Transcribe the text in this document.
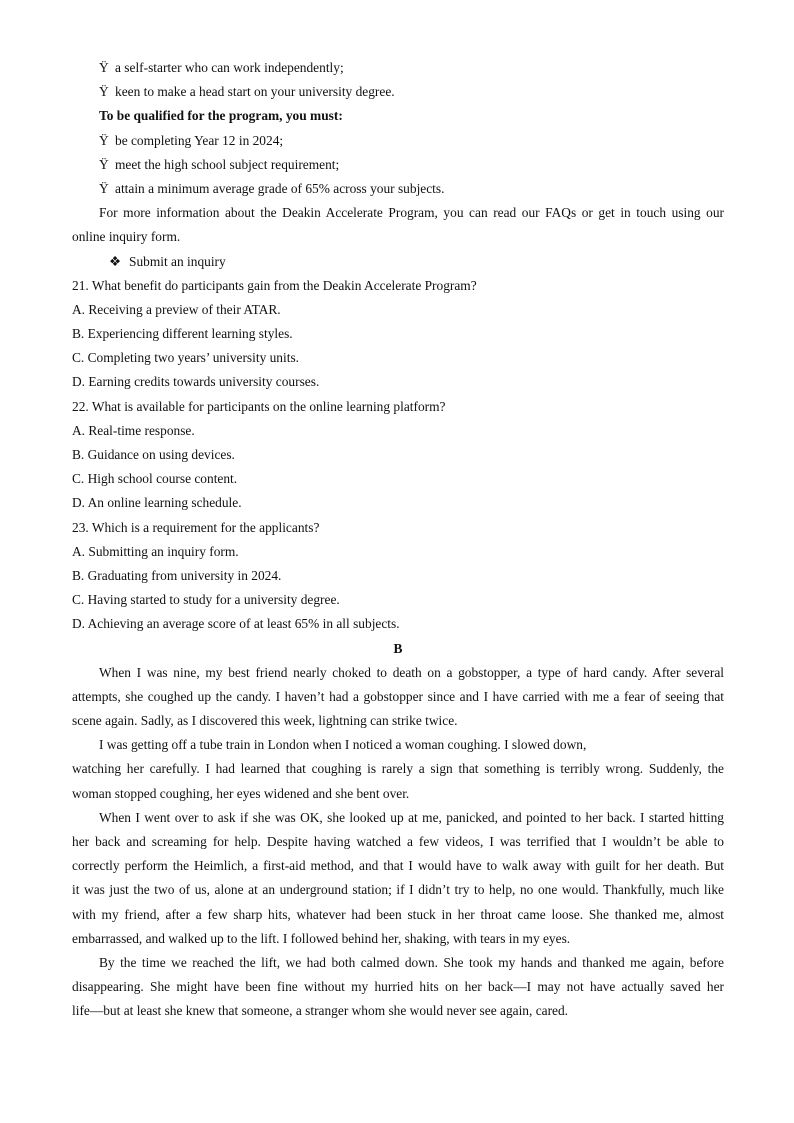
Ÿ a self-starter who can work independently;
Ÿ keen to make a head start on your university degree.
To be qualified for the program, you must:
Ÿ be completing Year 12 in 2024;
Ÿ meet the high school subject requirement;
Ÿ attain a minimum average grade of 65% across your subjects.
For more information about the Deakin Accelerate Program, you can read our FAQs or get in touch using our
online inquiry form.
❖ Submit an inquiry
21. What benefit do participants gain from the Deakin Accelerate Program?
A. Receiving a preview of their ATAR.
B. Experiencing different learning styles.
C. Completing two years’ university units.
D. Earning credits towards university courses.
22. What is available for participants on the online learning platform?
A. Real-time response.
B. Guidance on using devices.
C. High school course content.
D. An online learning schedule.
23. Which is a requirement for the applicants?
A. Submitting an inquiry form.
B. Graduating from university in 2024.
C. Having started to study for a university degree.
D. Achieving an average score of at least 65% in all subjects.
B
When I was nine, my best friend nearly choked to death on a gobstopper, a type of hard candy. After several
attempts, she coughed up the candy. I haven’t had a gobstopper since and I have carried with me a fear of seeing that
scene again. Sadly, as I discovered this week, lightning can strike twice.
I was getting off a tube train in London when I noticed a woman coughing. I slowed down,
watching her carefully. I had learned that coughing is rarely a sign that something is terribly wrong. Suddenly, the
woman stopped coughing, her eyes widened and she bent over.
When I went over to ask if she was OK, she looked up at me, panicked, and pointed to her back. I started hitting
her back and screaming for help. Despite having watched a few videos, I was terrified that I wouldn’t be able to
correctly perform the Heimlich, a first-aid method, and that I would have to walk away with guilt for her death. But
it was just the two of us, alone at an underground station; if I didn’t try to help, no one would. Thankfully, much like
with my friend, after a few sharp hits, whatever had been stuck in her throat came loose. She thanked me, almost
embarrassed, and walked up to the lift. I followed behind her, shaking, with tears in my eyes.
By the time we reached the lift, we had both calmed down. She took my hands and thanked me again, before
disappearing. She might have been fine without my hurried hits on her back—I may not have actually saved her
life—but at least she knew that someone, a stranger whom she would never see again, cared.
